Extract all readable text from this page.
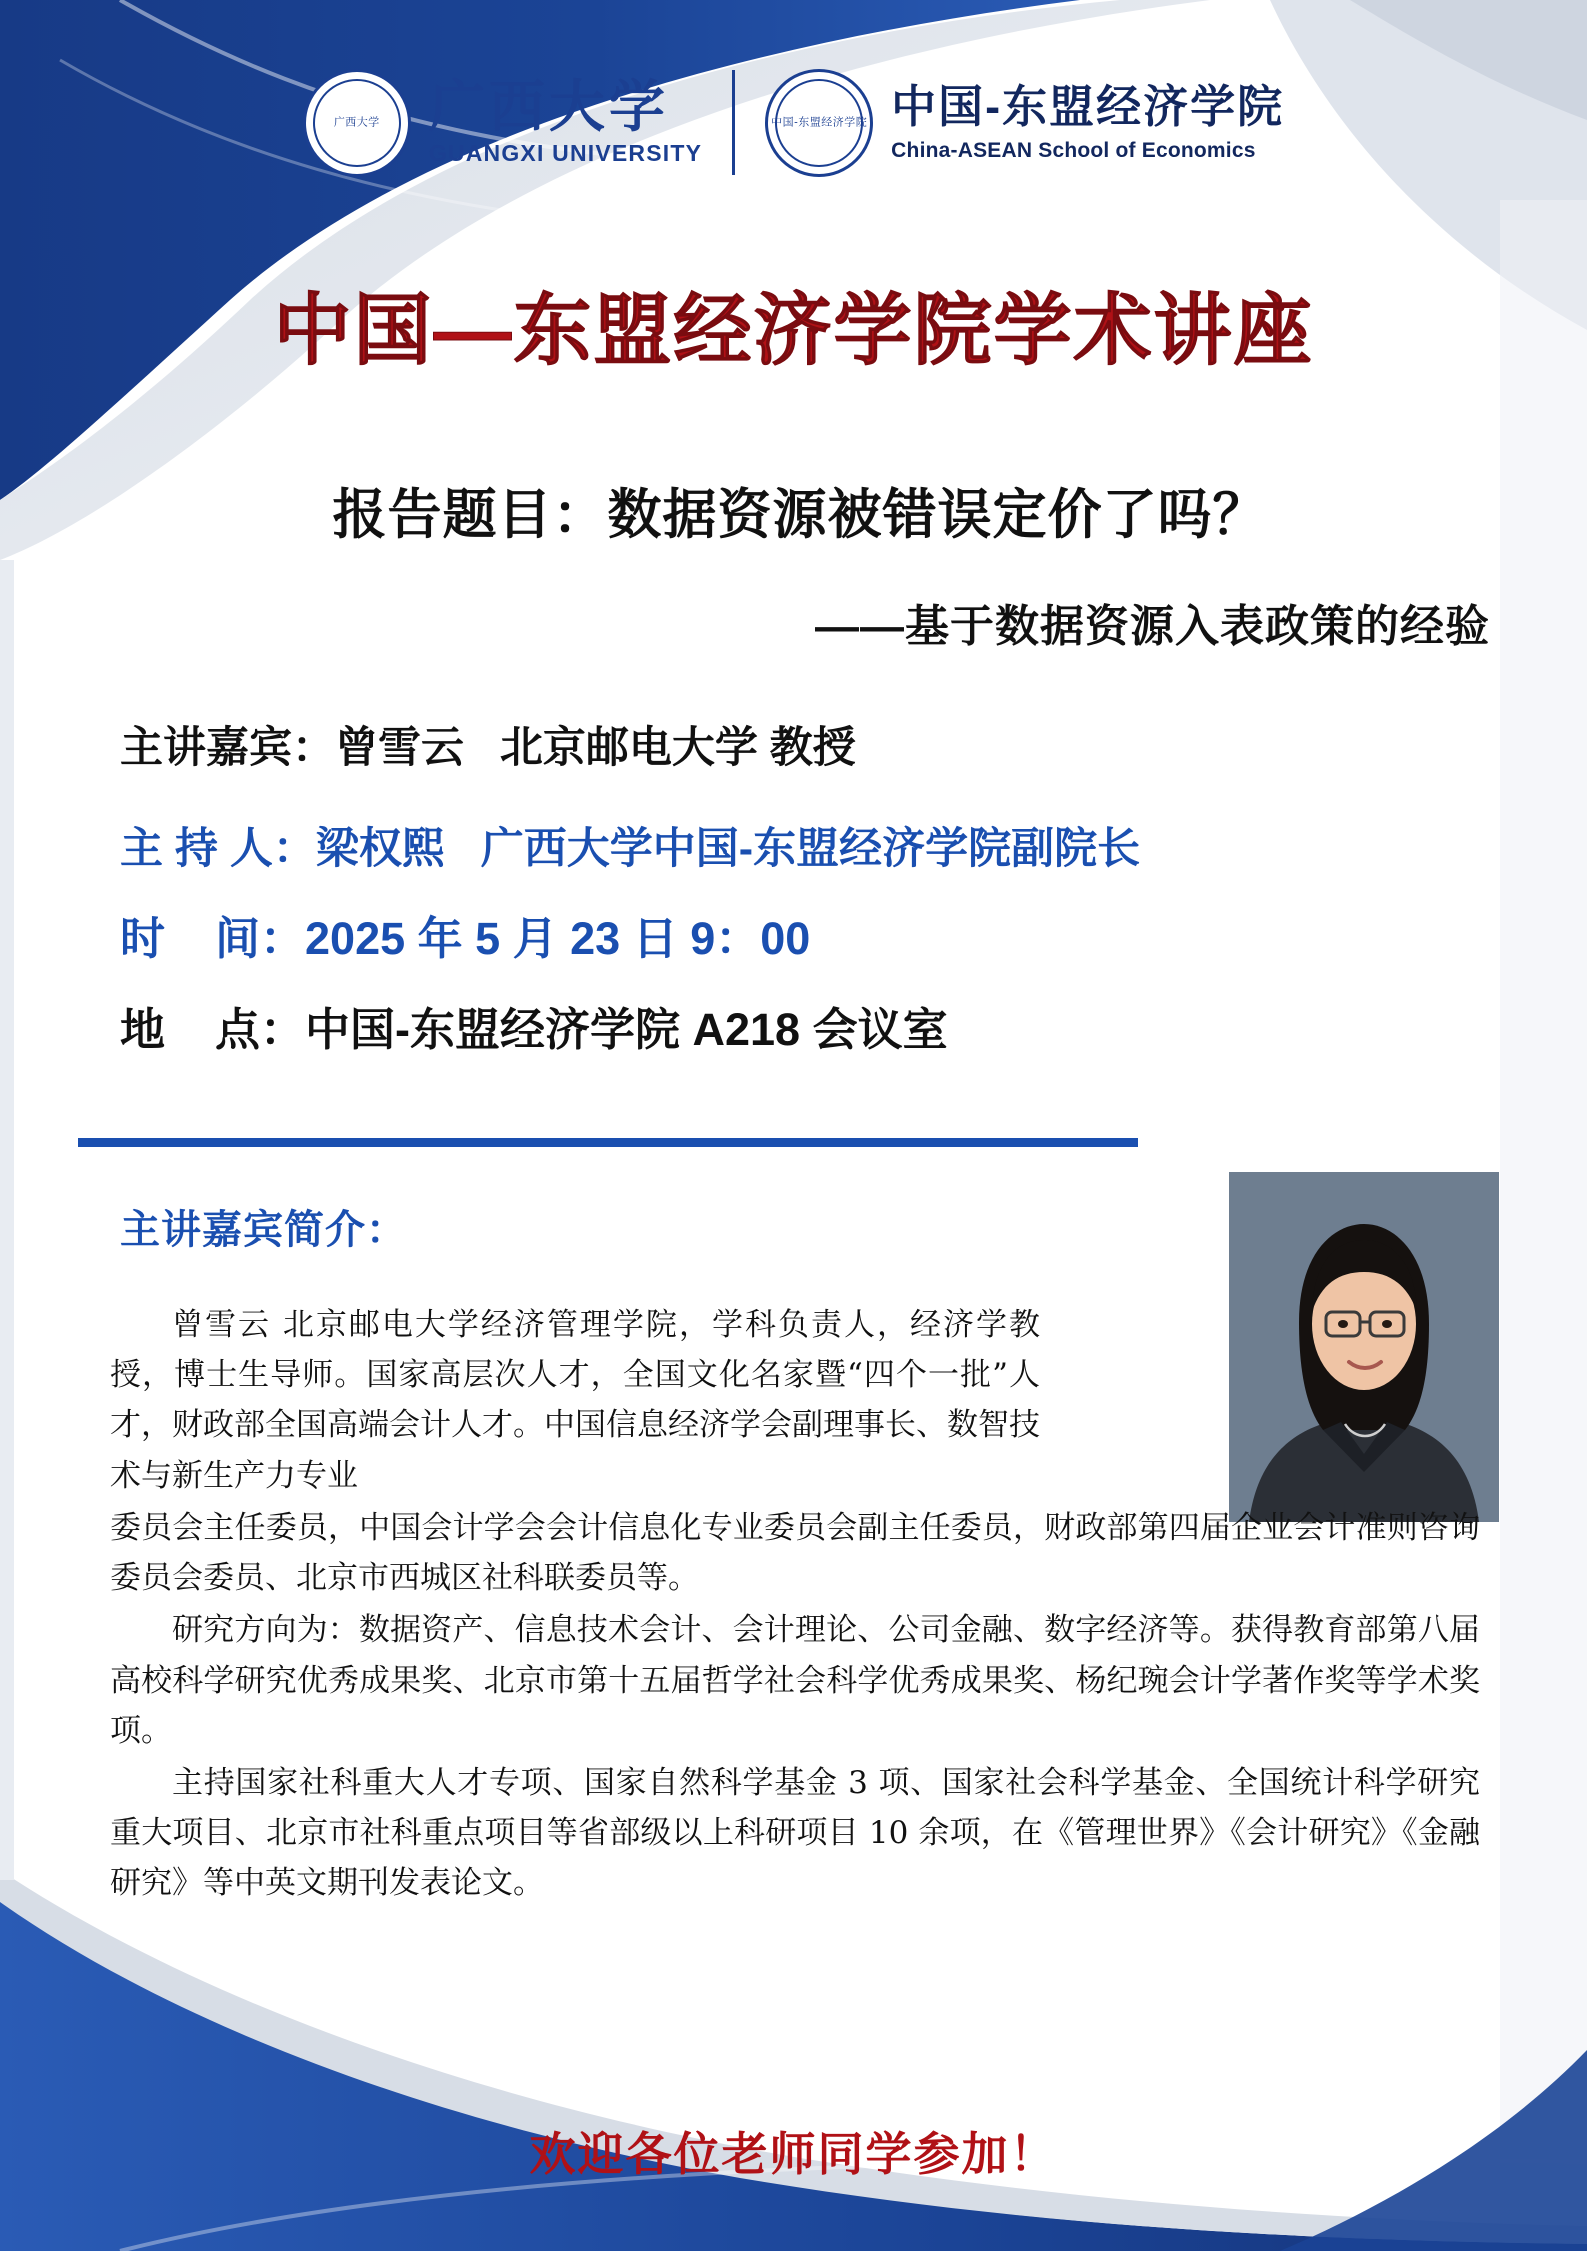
广西大学 广西大学
GUANGXI UNIVERSITY
中国-东盟经济学院 中国-东盟经济学院
China-ASEAN School of Economics
中国—东盟经济学院学术讲座
报告题目：数据资源被错误定价了吗？
——基于数据资源入表政策的经验
主讲嘉宾： 曾雪云   北京邮电大学 教授
主 持 人： 梁权熙   广西大学中国-东盟经济学院副院长
时    间： 2025 年 5 月 23 日 9：00
地    点： 中国-东盟经济学院 A218 会议室
主讲嘉宾简介：

曾雪云 北京邮电大学经济管理学院，学科负责人，经济学教授，博士生导师。国家高层次人才，全国文化名家暨“四个一批”人才，财政部全国高端会计人才。中国信息经济学会副理事长、数智技术与新生产力专业

委员会主任委员，中国会计学会会计信息化专业委员会副主任委员，财政部第四届企业会计准则咨询委员会委员、北京市西城区社科联委员等。

研究方向为：数据资产、信息技术会计、会计理论、公司金融、数字经济等。获得教育部第八届高校科学研究优秀成果奖、北京市第十五届哲学社会科学优秀成果奖、杨纪琬会计学著作奖等学术奖项。

主持国家社科重大人才专项、国家自然科学基金 3 项、国家社会科学基金、全国统计科学研究重大项目、北京市社科重点项目等省部级以上科研项目 10 余项，在《管理世界》《会计研究》《金融研究》等中英文期刊发表论文。

欢迎各位老师同学参加！
